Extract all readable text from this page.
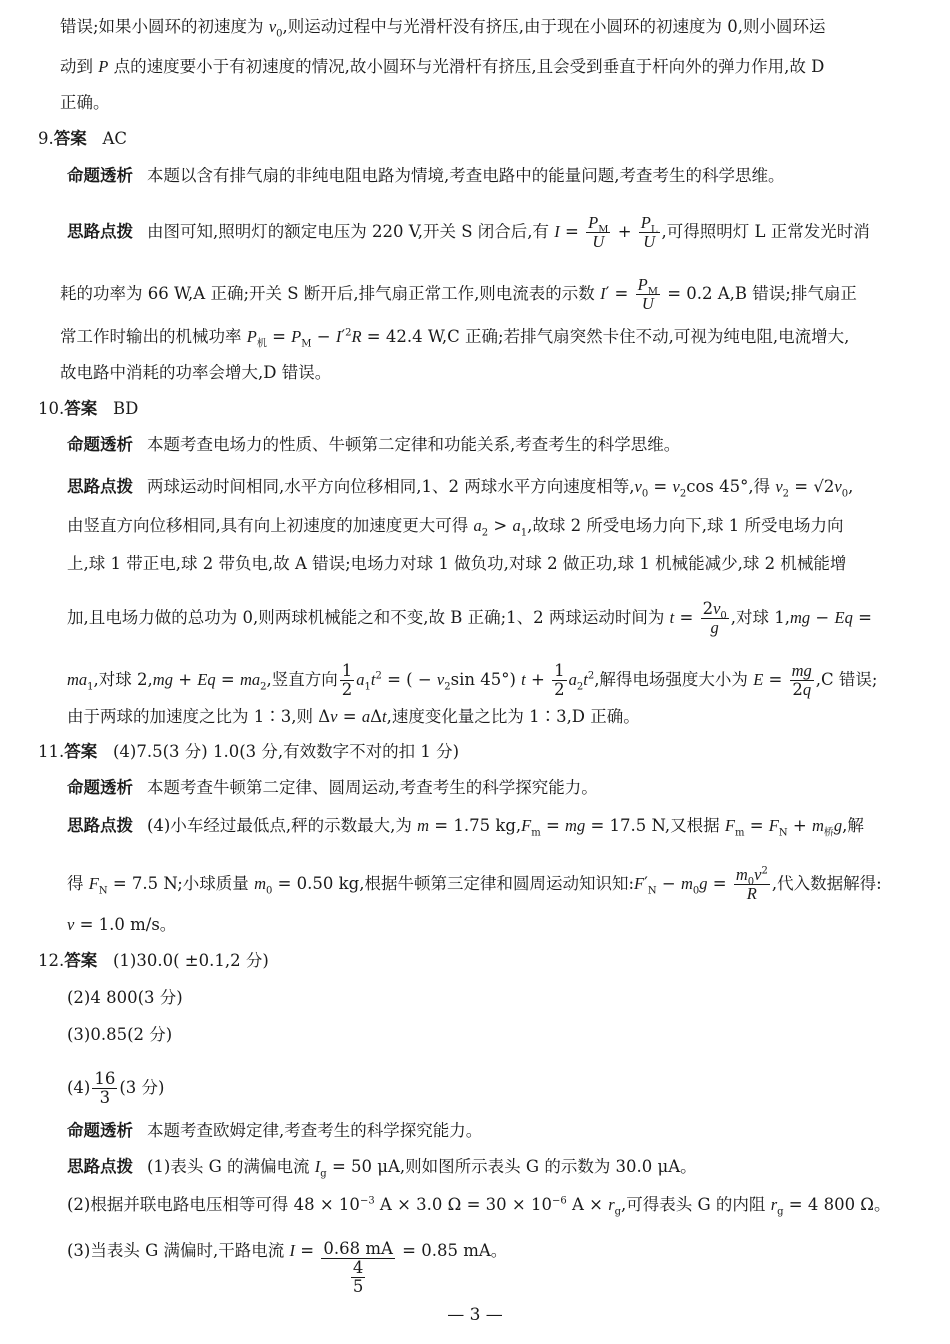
错误;如果小圆环的初速度为 $v_0$,则运动过程中与光滑杆没有挤压,由于现在小圆环的初速度为 0,则小圆环运
动到 P 点的速度要小于有初速度的情况,故小圆环与光滑杆有挤压,且会受到垂直于杆向外的弹力作用,故 D
正确。
9.答案 AC
命题透析 本题以含有排气扇的非纯电阻电路为情境,考查电路中的能量问题,考查考生的科学思维。
思路点拨 由图可知,照明灯的额定电压为 220 V,开关 S 闭合后,有 $I = \frac{P_M}{U} + \frac{P_L}{U}$ ,可得照明灯 L 正常发光时消
耗的功率为 66 W,A 正确;开关 S 断开后,排气扇正常工作,则电流表的示数 $I' = \frac{P_M}{U} = 0.2$ A,B 错误;排气扇正
常工作时输出的机械功率 $P_机 = P_M - I'^2R = 42.4$ W,C 正确;若排气扇突然卡住不动,可视为纯电阻,电流增大,
故电路中消耗的功率会增大,D 错误。
10.答案 BD
命题透析 本题考查电场力的性质、牛顿第二定律和功能关系,考查考生的科学思维。
思路点拨 两球运动时间相同,水平方向位移相同,1、2 两球水平方向速度相等$,v_0 = v_2\cos$ 45°,得 $v_2 = √2v_0$,
由竖直方向位移相同,具有向上初速度的加速度更大可得 $a_2 > a_1$,故球 2 所受电场力向下,球 1 所受电场力向
上,球 1 带正电,球 2 带负电,故 A 错误;电场力对球 1 做负功,对球 2 做正功,球 1 机械能减少,球 2 机械能增
加,且电场力做的总功为 0,则两球机械能之和不变,故 B 正确;1、2 两球运动时间为 $t = \frac{2v_0}{g}$ ,对球 1,mg − Eq =
$ma_1$,对球 $2,mg + Eq = ma_2$,竖直方向 $\frac{1}{2} a_1t^2$ = ( − $v_2\sin$ 45°) $t + \frac{1}{2} a_2t^2$,解得电场强度大小为 $E = \frac{mg}{2q} ,C$ 错误;
由于两球的加速度之比为 1∶3,则 Δv = aΔt,速度变化量之比为 1∶3,D 正确。
11.答案 (4)7.5(3 分) 1.0(3 分,有效数字不对的扣 1 分)
命题透析 本题考查牛顿第二定律、圆周运动,考查考生的科学探究能力。
思路点拨 (4)小车经过最低点,秤的示数最大,为 m = 1.75 $kg,F_m$ = mg = 17.5 N,又根据 $F_m = F_N + m_桥g$,解
得 $F_N = 7.5$ N;小球质量 $m_0 = 0.50$ kg,根据牛顿第三定律和圆周运动知识知$:F'_N - m_0g = \frac{m_0v^2}{R}$ ,代入数据解得:
v = 1.0 m/s。
12.答案 (1)30.0( ±0.1,2 分)
(2)4 800(3 分)
(3)0.85(2 分)
$(4) \frac{16}{3} (3$ 分)
命题透析 本题考查欧姆定律,考查考生的科学探究能力。
思路点拨 (1)表头 G 的满偏电流 $I_g = 50$ μA,则如图所示表头 G 的示数为 30.0 μA。
(2)根据并联电路电压相等可得 $48 \times 10^{-3}$ A × 3.0 $\Omega = 30 \times 10^{-6}$ $A \times r_g$,可得表头 G 的内阻 $r_g = 4$ 800 Ω。
(3)当表头 G 满偏时,干路电流 $I = \frac{0.68 mA}{\frac{4}{5}} = 0.85$ mA。
— 3 —
